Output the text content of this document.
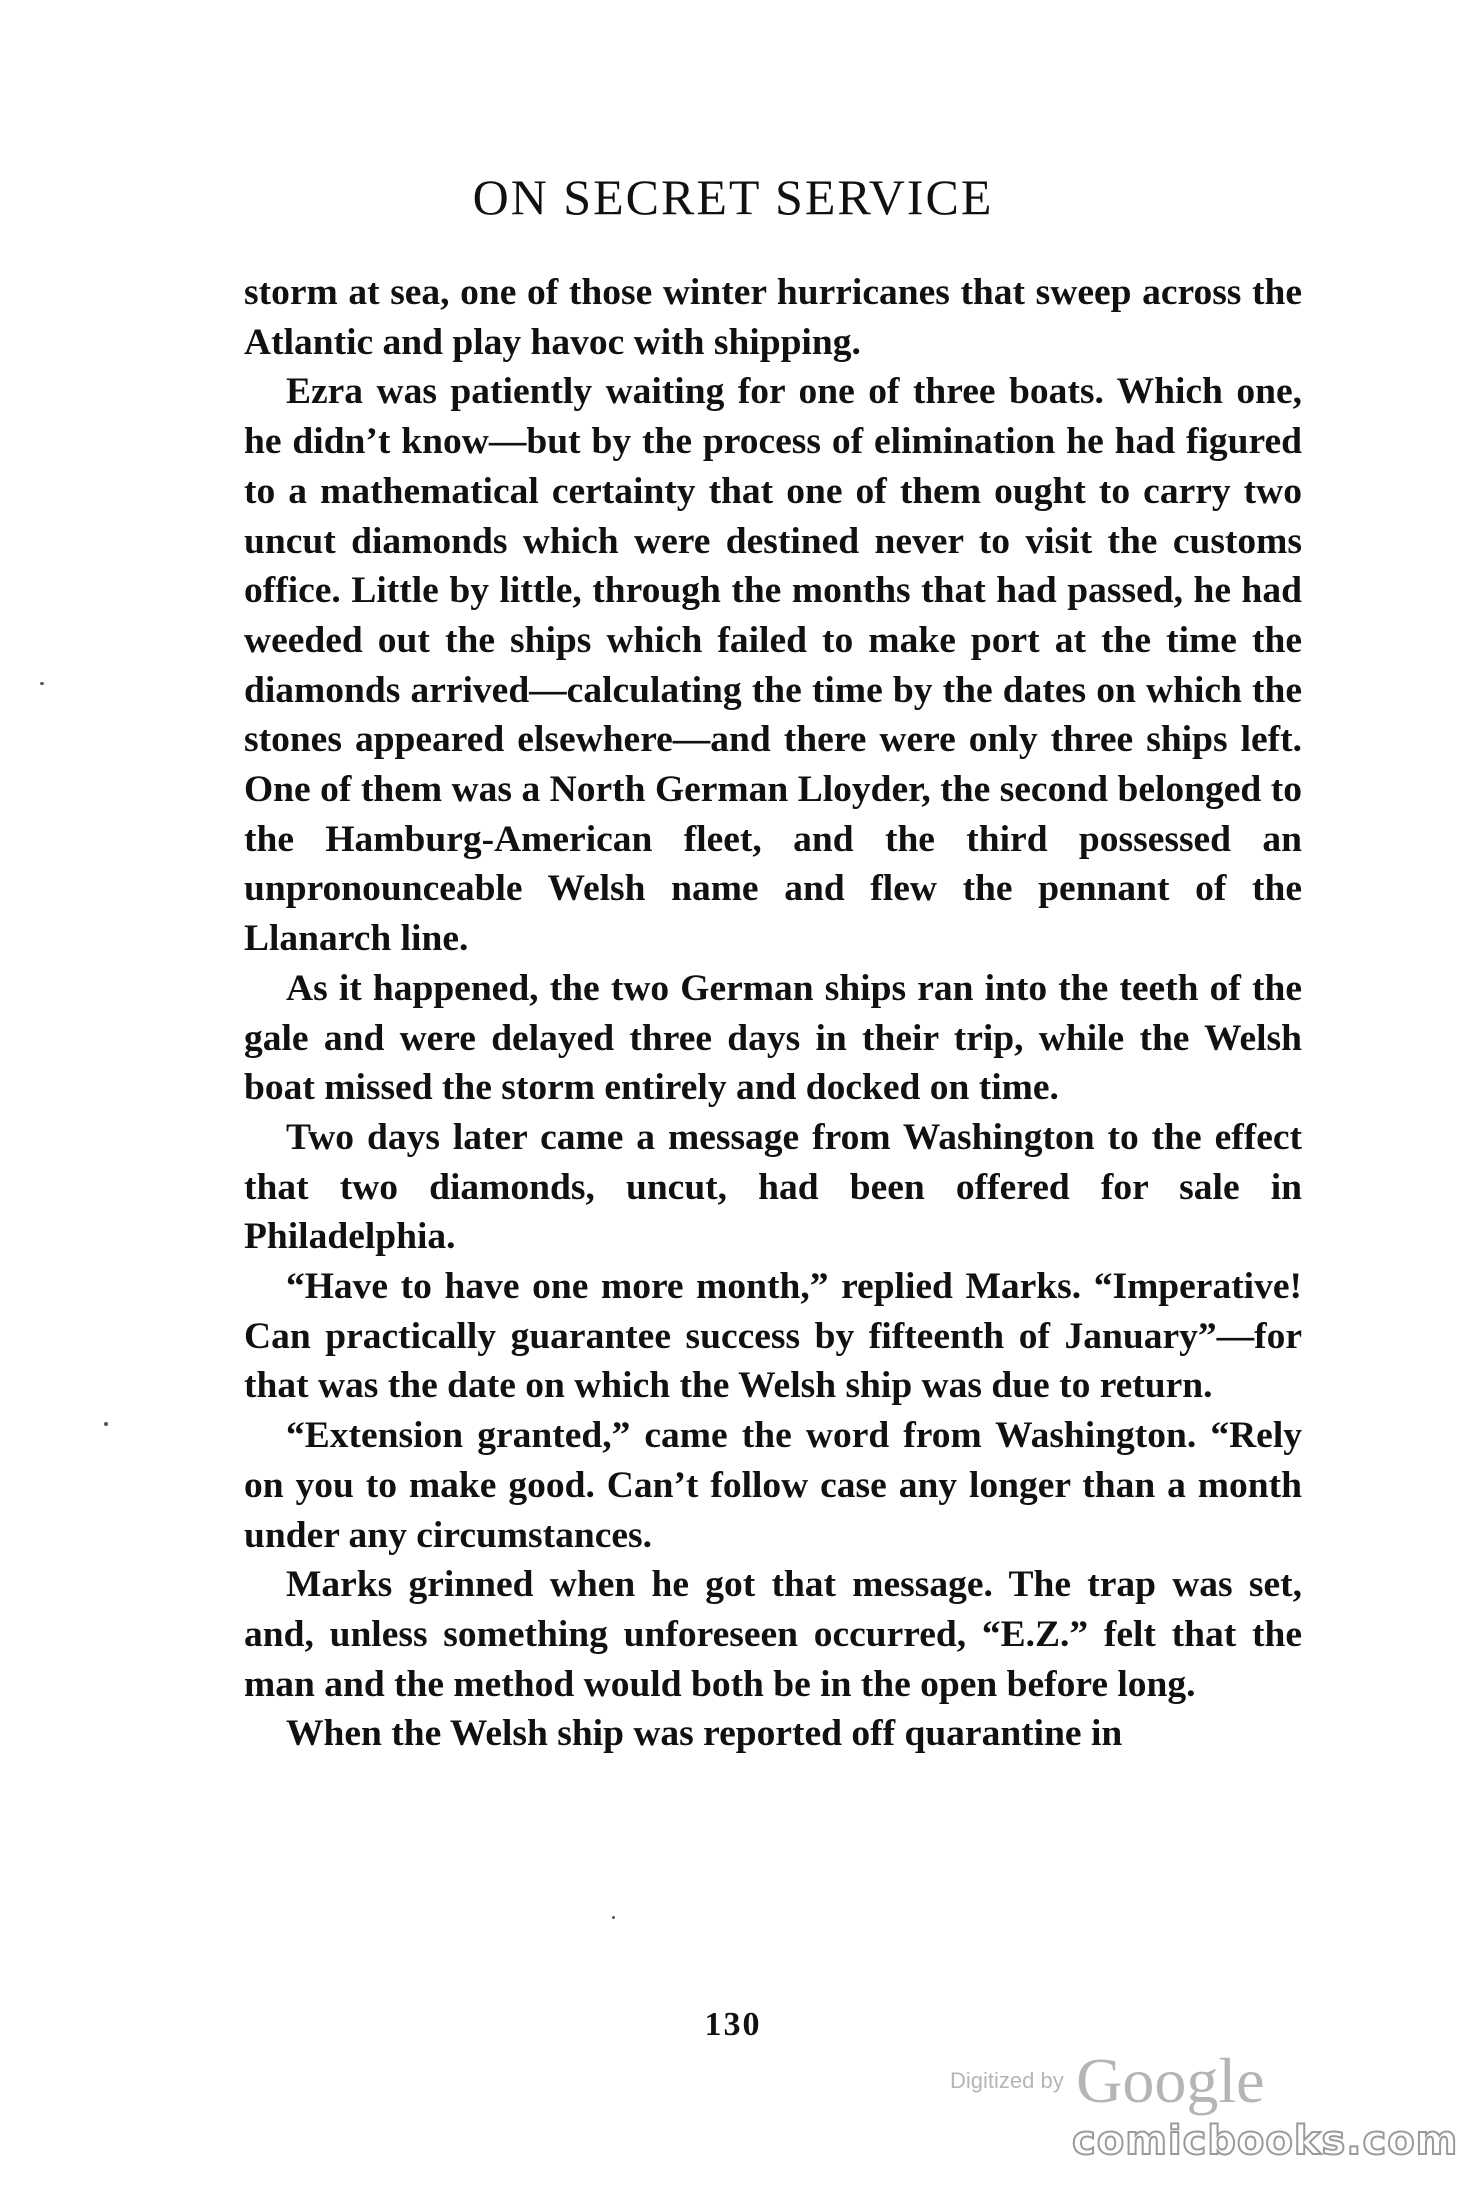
ON SECRET SERVICE

storm at sea, one of those winter hurricanes that sweep across the Atlantic and play havoc with shipping.

Ezra was patiently waiting for one of three boats. Which one, he didn’t know—but by the process of elimination he had figured to a mathematical certainty that one of them ought to carry two uncut diamonds which were destined never to visit the customs office. Little by little, through the months that had passed, he had weeded out the ships which failed to make port at the time the diamonds arrived—calculating the time by the dates on which the stones appeared elsewhere—and there were only three ships left. One of them was a North German Lloyder, the second belonged to the Hamburg-American fleet, and the third possessed an unpronounceable Welsh name and flew the pennant of the Llanarch line.

As it happened, the two German ships ran into the teeth of the gale and were delayed three days in their trip, while the Welsh boat missed the storm entirely and docked on time.

Two days later came a message from Washington to the effect that two diamonds, uncut, had been offered for sale in Philadelphia.

“Have to have one more month,” replied Marks. “Imperative! Can practically guarantee success by fifteenth of January”—for that was the date on which the Welsh ship was due to return.

“Extension granted,” came the word from Washington. “Rely on you to make good. Can’t follow case any longer than a month under any circumstances.

Marks grinned when he got that message. The trap was set, and, unless something unforeseen occurred, “E.Z.” felt that the man and the method would both be in the open before long.

When the Welsh ship was reported off quarantine in

130
Digitized by Google
comicbooks.com
